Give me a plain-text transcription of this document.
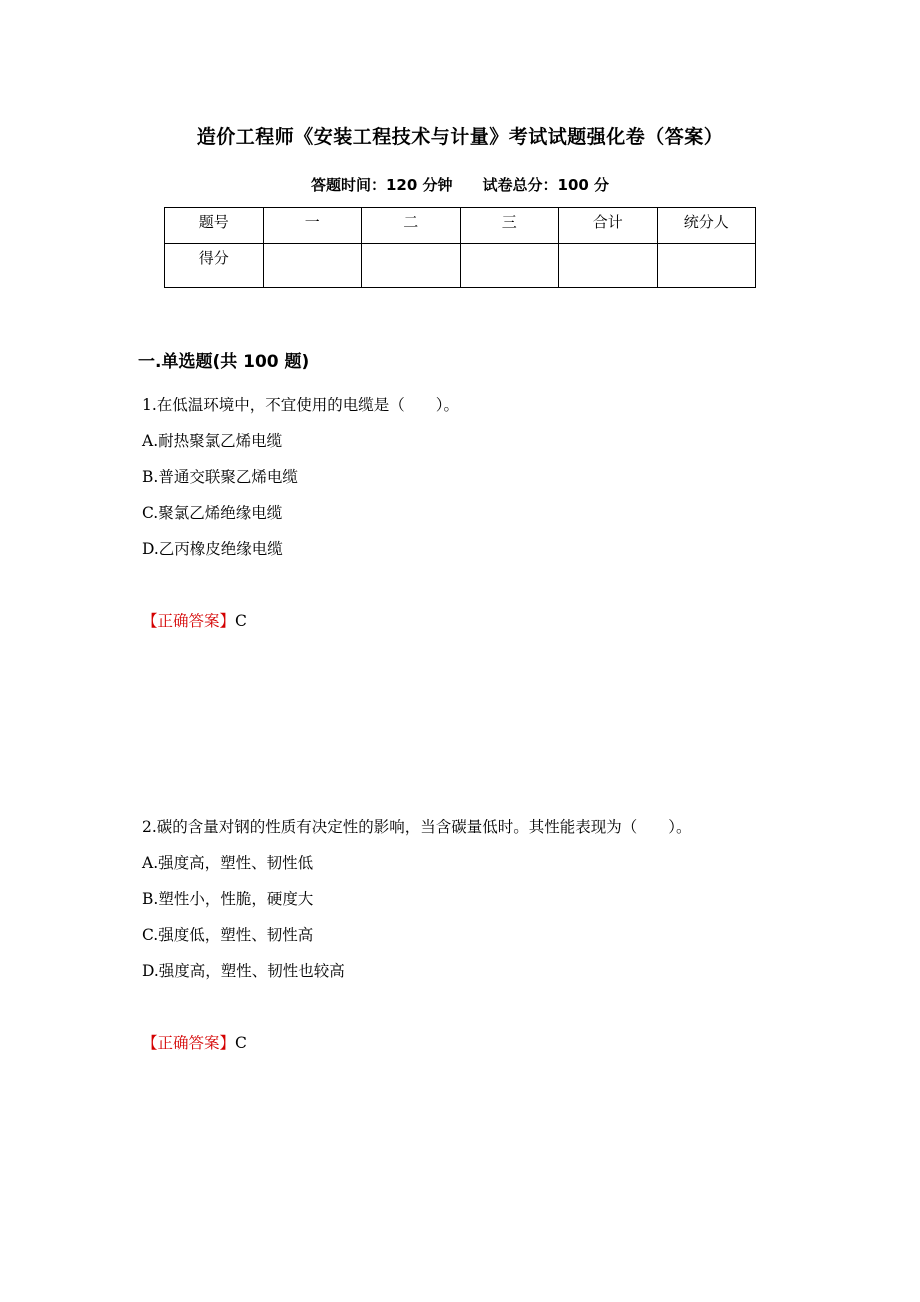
造价工程师《安装工程技术与计量》考试试题强化卷（答案）
答题时间：120 分钟 试卷总分：100 分
题号	一	二	三	合计	统分人
得分					
一.单选题(共 100 题)
1.在低温环境中，不宜使用的电缆是（　　）。
A.耐热聚氯乙烯电缆
B.普通交联聚乙烯电缆
C.聚氯乙烯绝缘电缆
D.乙丙橡皮绝缘电缆
【正确答案】C
2.碳的含量对钢的性质有决定性的影响，当含碳量低时。其性能表现为（　　）。
A.强度高，塑性、韧性低
B.塑性小，性脆，硬度大
C.强度低，塑性、韧性高
D.强度高，塑性、韧性也较高
【正确答案】C
